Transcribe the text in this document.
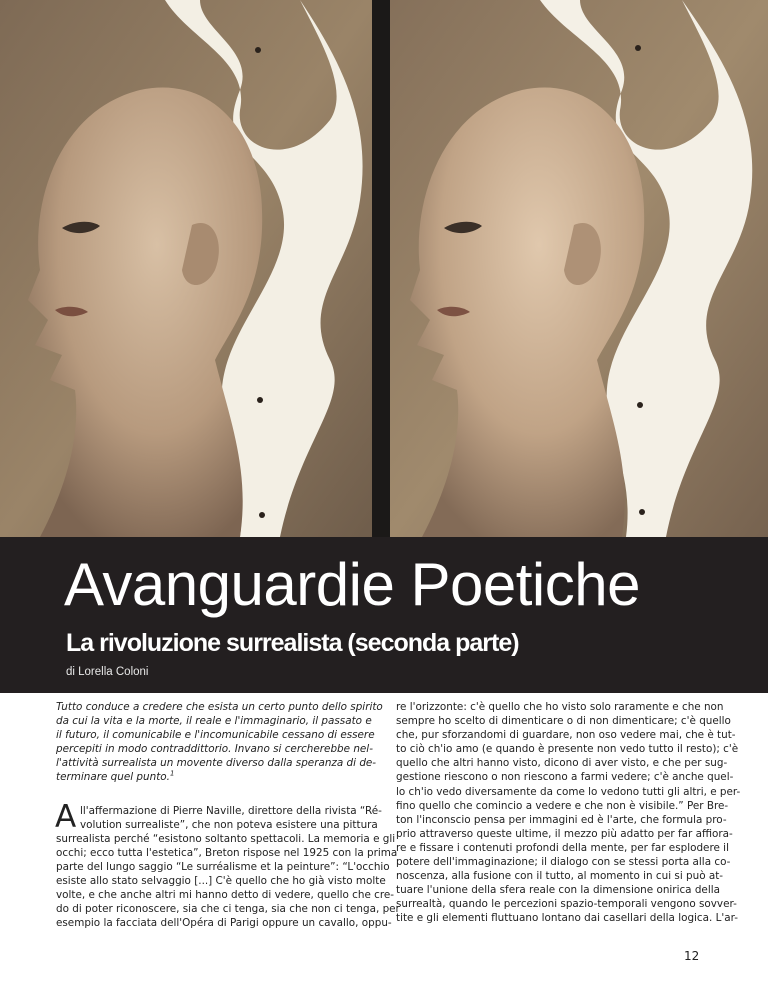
Avanguardie Poetiche
La rivoluzione surrealista (seconda parte)
di Lorella Coloni
Tutto conduce a credere che esista un certo punto dello spirito
da cui la vita e la morte, il reale e l'immaginario, il passato e
il futuro, il comunicabile e l'incomunicabile cessano di essere
percepiti in modo contraddittorio. Invano si cercherebbe nel-
l'attività surrealista un movente diverso dalla speranza di de-
terminare quel punto.$^1$
A ll'affermazione di Pierre Naville, direttore della rivista “Ré-
volution surrealiste”, che non poteva esistere una pittura
surrealista perché “esistono soltanto spettacoli. La memoria e gli
occhi; ecco tutta l'estetica”, Breton rispose nel 1925 con la prima
parte del lungo saggio “Le surréalisme et la peinture”: “L'occhio
esiste allo stato selvaggio [...] C'è quello che ho già visto molte
volte, e che anche altri mi hanno detto di vedere, quello che cre-
do di poter riconoscere, sia che ci tenga, sia che non ci tenga, per
esempio la facciata dell'Opéra di Parigi oppure un cavallo, oppu-
re l'orizzonte: c'è quello che ho visto solo raramente e che non
sempre ho scelto di dimenticare o di non dimenticare; c'è quello
che, pur sforzandomi di guardare, non oso vedere mai, che è tut-
to ciò ch'io amo (e quando è presente non vedo tutto il resto); c'è
quello che altri hanno visto, dicono di aver visto, e che per sug-
gestione riescono o non riescono a farmi vedere; c'è anche quel-
lo ch'io vedo diversamente da come lo vedono tutti gli altri, e per-
fino quello che comincio a vedere e che non è visibile.” Per Bre-
ton l'inconscio pensa per immagini ed è l'arte, che formula pro-
prio attraverso queste ultime, il mezzo più adatto per far affiora-
re e fissare i contenuti profondi della mente, per far esplodere il
potere dell'immaginazione; il dialogo con se stessi porta alla co-
noscenza, alla fusione con il tutto, al momento in cui si può at-
tuare l'unione della sfera reale con la dimensione onirica della
surrealtà, quando le percezioni spazio-temporali vengono sovver-
tite e gli elementi fluttuano lontano dai casellari della logica. L'ar-
12
